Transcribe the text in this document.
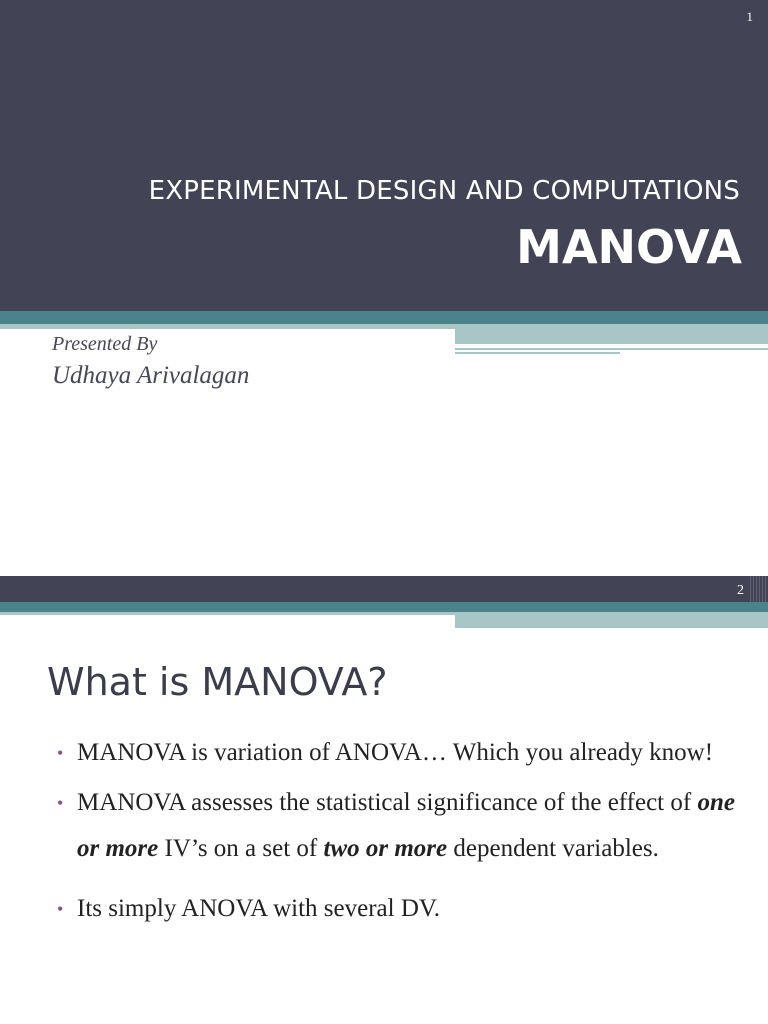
1
EXPERIMENTAL DESIGN AND COMPUTATIONS
MANOVA
Presented By
Udhaya Arivalagan
2
What is MANOVA?
• MANOVA is variation of ANOVA… Which you already know!
• MANOVA assesses the statistical significance of the effect of one or more IV’s on a set of two or more dependent variables.
• Its simply ANOVA with several DV.
